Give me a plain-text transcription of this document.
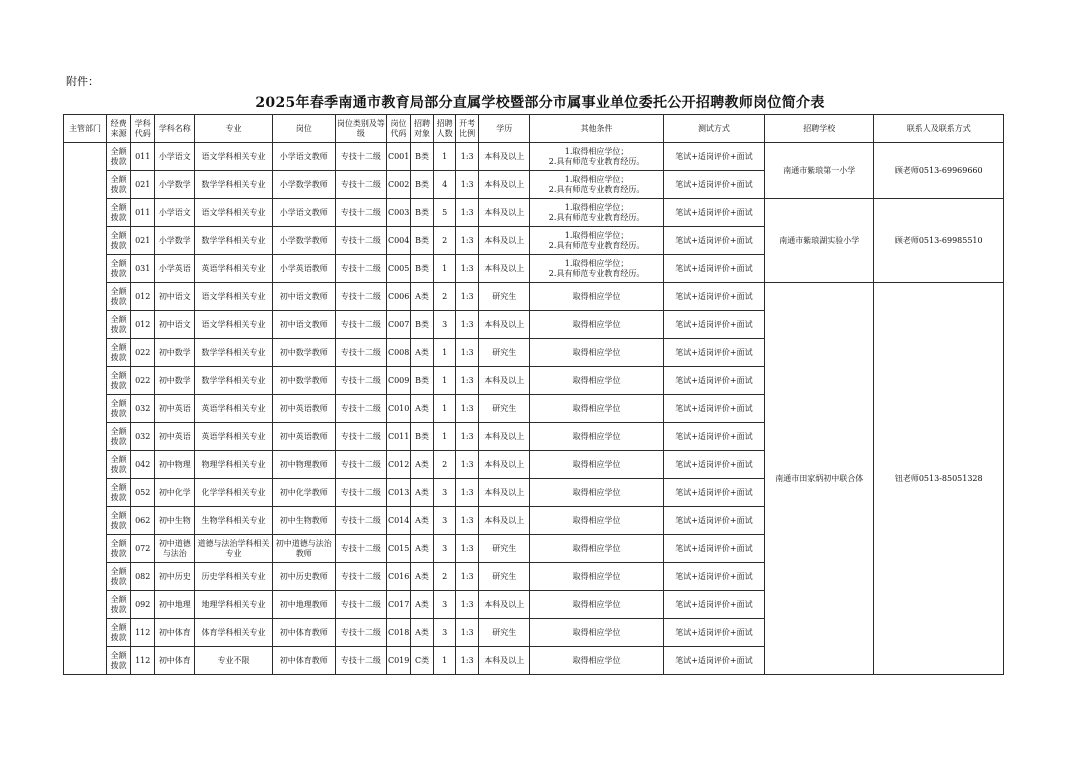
附件：
2025年春季南通市教育局部分直属学校暨部分市属事业单位委托公开招聘教师岗位简介表
主管部门	经费来源	学科代码	学科名称	专业	岗位	岗位类别及等级	岗位代码	招聘对象	招聘人数	开考比例	学历	其他条件	测试方式	招聘学校	联系人及联系方式
	全额拨款	011	小学语文	语文学科相关专业	小学语文教师	专技十二级	C001	B类	1	1:3	本科及以上	1.取得相应学位；
2.具有师范专业教育经历。	笔试+适岗评价+面试	南通市紫琅第一小学	顾老师0513-69969660
	全额拨款	021	小学数学	数学学科相关专业	小学数学教师	专技十二级	C002	B类	4	1:3	本科及以上	1.取得相应学位；
2.具有师范专业教育经历。	笔试+适岗评价+面试		
	全额拨款	011	小学语文	语文学科相关专业	小学语文教师	专技十二级	C003	B类	5	1:3	本科及以上	1.取得相应学位；
2.具有师范专业教育经历。	笔试+适岗评价+面试	南通市紫琅湖实验小学	顾老师0513-69985510
	全额拨款	021	小学数学	数学学科相关专业	小学数学教师	专技十二级	C004	B类	2	1:3	本科及以上	1.取得相应学位；
2.具有师范专业教育经历。	笔试+适岗评价+面试		
	全额拨款	031	小学英语	英语学科相关专业	小学英语教师	专技十二级	C005	B类	1	1:3	本科及以上	1.取得相应学位；
2.具有师范专业教育经历。	笔试+适岗评价+面试		
	全额拨款	012	初中语文	语文学科相关专业	初中语文教师	专技十二级	C006	A类	2	1:3	研究生	取得相应学位	笔试+适岗评价+面试	南通市田家炳初中联合体	钮老师0513-85051328
	全额拨款	012	初中语文	语文学科相关专业	初中语文教师	专技十二级	C007	B类	3	1:3	本科及以上	取得相应学位	笔试+适岗评价+面试		
	全额拨款	022	初中数学	数学学科相关专业	初中数学教师	专技十二级	C008	A类	1	1:3	研究生	取得相应学位	笔试+适岗评价+面试		
	全额拨款	022	初中数学	数学学科相关专业	初中数学教师	专技十二级	C009	B类	1	1:3	本科及以上	取得相应学位	笔试+适岗评价+面试		
	全额拨款	032	初中英语	英语学科相关专业	初中英语教师	专技十二级	C010	A类	1	1:3	研究生	取得相应学位	笔试+适岗评价+面试		
	全额拨款	032	初中英语	英语学科相关专业	初中英语教师	专技十二级	C011	B类	1	1:3	本科及以上	取得相应学位	笔试+适岗评价+面试		
	全额拨款	042	初中物理	物理学科相关专业	初中物理教师	专技十二级	C012	A类	2	1:3	本科及以上	取得相应学位	笔试+适岗评价+面试		
	全额拨款	052	初中化学	化学学科相关专业	初中化学教师	专技十二级	C013	A类	3	1:3	本科及以上	取得相应学位	笔试+适岗评价+面试		
	全额拨款	062	初中生物	生物学科相关专业	初中生物教师	专技十二级	C014	A类	3	1:3	本科及以上	取得相应学位	笔试+适岗评价+面试		
	全额拨款	072	初中道德与法治	道德与法治学科相关专业	初中道德与法治教师	专技十二级	C015	A类	3	1:3	研究生	取得相应学位	笔试+适岗评价+面试		
	全额拨款	082	初中历史	历史学科相关专业	初中历史教师	专技十二级	C016	A类	2	1:3	研究生	取得相应学位	笔试+适岗评价+面试		
	全额拨款	092	初中地理	地理学科相关专业	初中地理教师	专技十二级	C017	A类	3	1:3	本科及以上	取得相应学位	笔试+适岗评价+面试		
	全额拨款	112	初中体育	体育学科相关专业	初中体育教师	专技十二级	C018	A类	3	1:3	研究生	取得相应学位	笔试+适岗评价+面试		
	全额拨款	112	初中体育	专业不限	初中体育教师	专技十二级	C019	C类	1	1:3	本科及以上	取得相应学位	笔试+适岗评价+面试		
